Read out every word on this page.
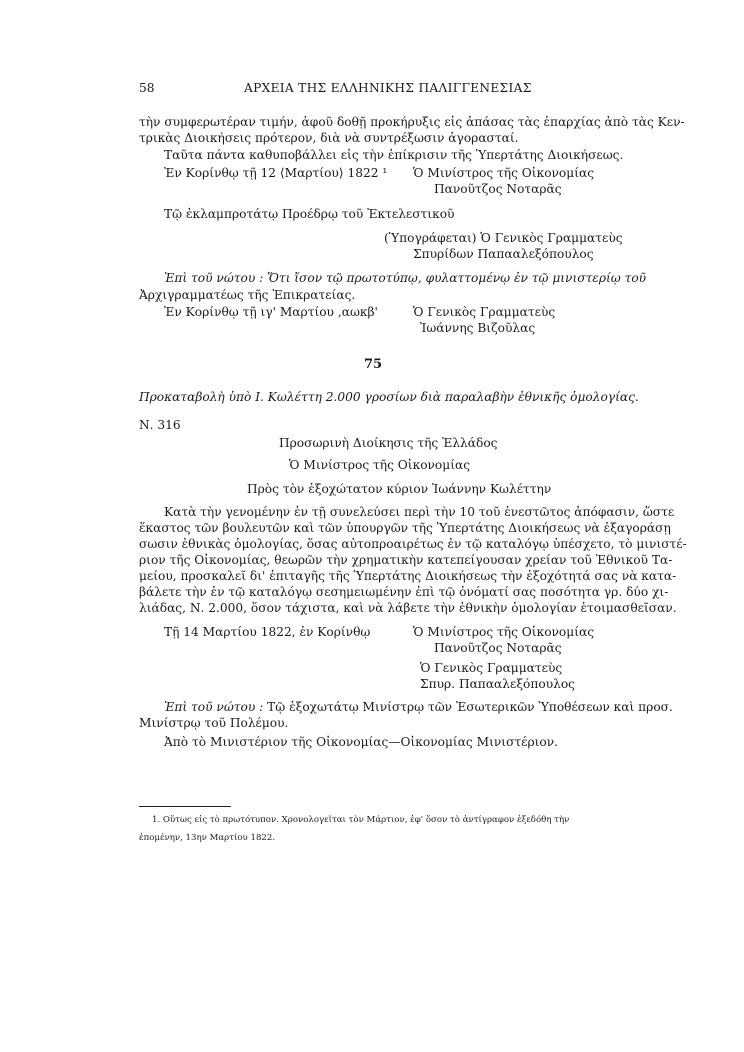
58	ΑΡΧΕΙΑ ΤΗΣ ΕΛΛΗΝΙΚΗΣ ΠΑΛΙΓΓΕΝΕΣΙΑΣ
τὴν συμφερωτέραν τιμήν, ἀφοῦ δοθῇ προκήρυξις εἰς ἁπάσας τὰς ἐπαρχίας ἀπὸ τὰς Κεν-
τρικὰς Διοικήσεις πρότερον, διὰ νὰ συντρέξωσιν ἀγορασταί.
Ταῦτα πάντα καθυποβάλλει εἰς τὴν ἐπίκρισιν τῆς Ὑπερτάτης Διοικήσεως.
Ἐν Κορίνθῳ τῇ 12 ⟨Μαρτίου⟩ 1822 ¹ Ὁ Μινίστρος τῆς Οἰκονομίας
Πανοῦτζος Νοταρᾶς
Τῷ ἐκλαμπροτάτῳ Προέδρῳ τοῦ Ἐκτελεστικοῦ
(Ὑπογράφεται) Ὁ Γενικὸς Γραμματεὺς
Σπυρίδων Παπααλεξόπουλος
Ἐπὶ τοῦ νώτου : Ὅτι ἴσον τῷ πρωτοτύπῳ, φυλαττομένῳ ἐν τῷ μινιστερίῳ τοῦ
Ἀρχιγραμματέως τῆς Ἐπικρατείας.
Ἐν Κορίνθῳ τῇ ιγ' Μαρτίου ,αωκβ'	Ὁ Γενικὸς Γραμματεὺς
Ἰωάννης Βιζοῦλας
75
Προκαταβολὴ ὑπὸ Ι. Κωλέττη 2.000 γροσίων διὰ παραλαβὴν ἐθνικῆς ὁμολογίας.
Ν. 316
Προσωρινὴ Διοίκησις τῆς Ἑλλάδος
Ὁ Μινίστρος τῆς Οἰκονομίας
Πρὸς τὸν ἐξοχώτατον κύριον Ἰωάννην Κωλέττην
Κατὰ τὴν γενομένην ἐν τῇ συνελεύσει περὶ τὴν 10 τοῦ ἐνεστῶτος ἀπόφασιν, ὥστε
ἕκαστος τῶν βουλευτῶν καὶ τῶν ὑπουργῶν τῆς Ὑπερτάτης Διοικήσεως νὰ ἐξαγοράσῃ
σωσιν ἐθνικὰς ὁμολογίας, ὅσας αὐτοπροαιρέτως ἐν τῷ καταλόγῳ ὑπέσχετο, τὸ μινιστέ-
ριον τῆς Οἰκονομίας, θεωρῶν τὴν χρηματικὴν κατεπείγουσαν χρείαν τοῦ Ἐθνικοῦ Τα-
μείου, προσκαλεῖ δι' ἐπιταγῆς τῆς Ὑπερτάτης Διοικήσεως τὴν ἐξοχότητά σας νὰ κατα-
βάλετε τὴν ἐν τῷ καταλόγῳ σεσημειωμένην ἐπὶ τῷ ὀνόματί σας ποσότητα γρ. δύο χι-
λιάδας, Ν. 2.000, ὅσον τάχιστα, καὶ νὰ λάβετε τὴν ἐθνικὴν ὁμολογίαν ἑτοιμασθεῖσαν.
Τῇ 14 Μαρτίου 1822, ἐν Κορίνθῳ	Ὁ Μινίστρος τῆς Οἰκονομίας
Πανοῦτζος Νοταρᾶς
Ὁ Γενικὸς Γραμματεὺς
Σπυρ. Παπααλεξόπουλος
Ἐπὶ τοῦ νώτου : Τῷ ἐξοχωτάτῳ Μινίστρῳ τῶν Ἐσωτερικῶν Ὑποθέσεων καὶ προσ.
Μινίστρῳ τοῦ Πολέμου.
Ἀπὸ τὸ Μινιστέριον τῆς Οἰκονομίας—Οἰκονομίας Μινιστέριον.
1. Οὕτως εἰς τὸ πρωτότυπον. Χρονολογεῖται τὸν Μάρτιον, ἐφ' ὅσον τὸ ἀντίγραφον ἐξεδόθη τὴν
ἐπομένην, 13ην Μαρτίου 1822.
